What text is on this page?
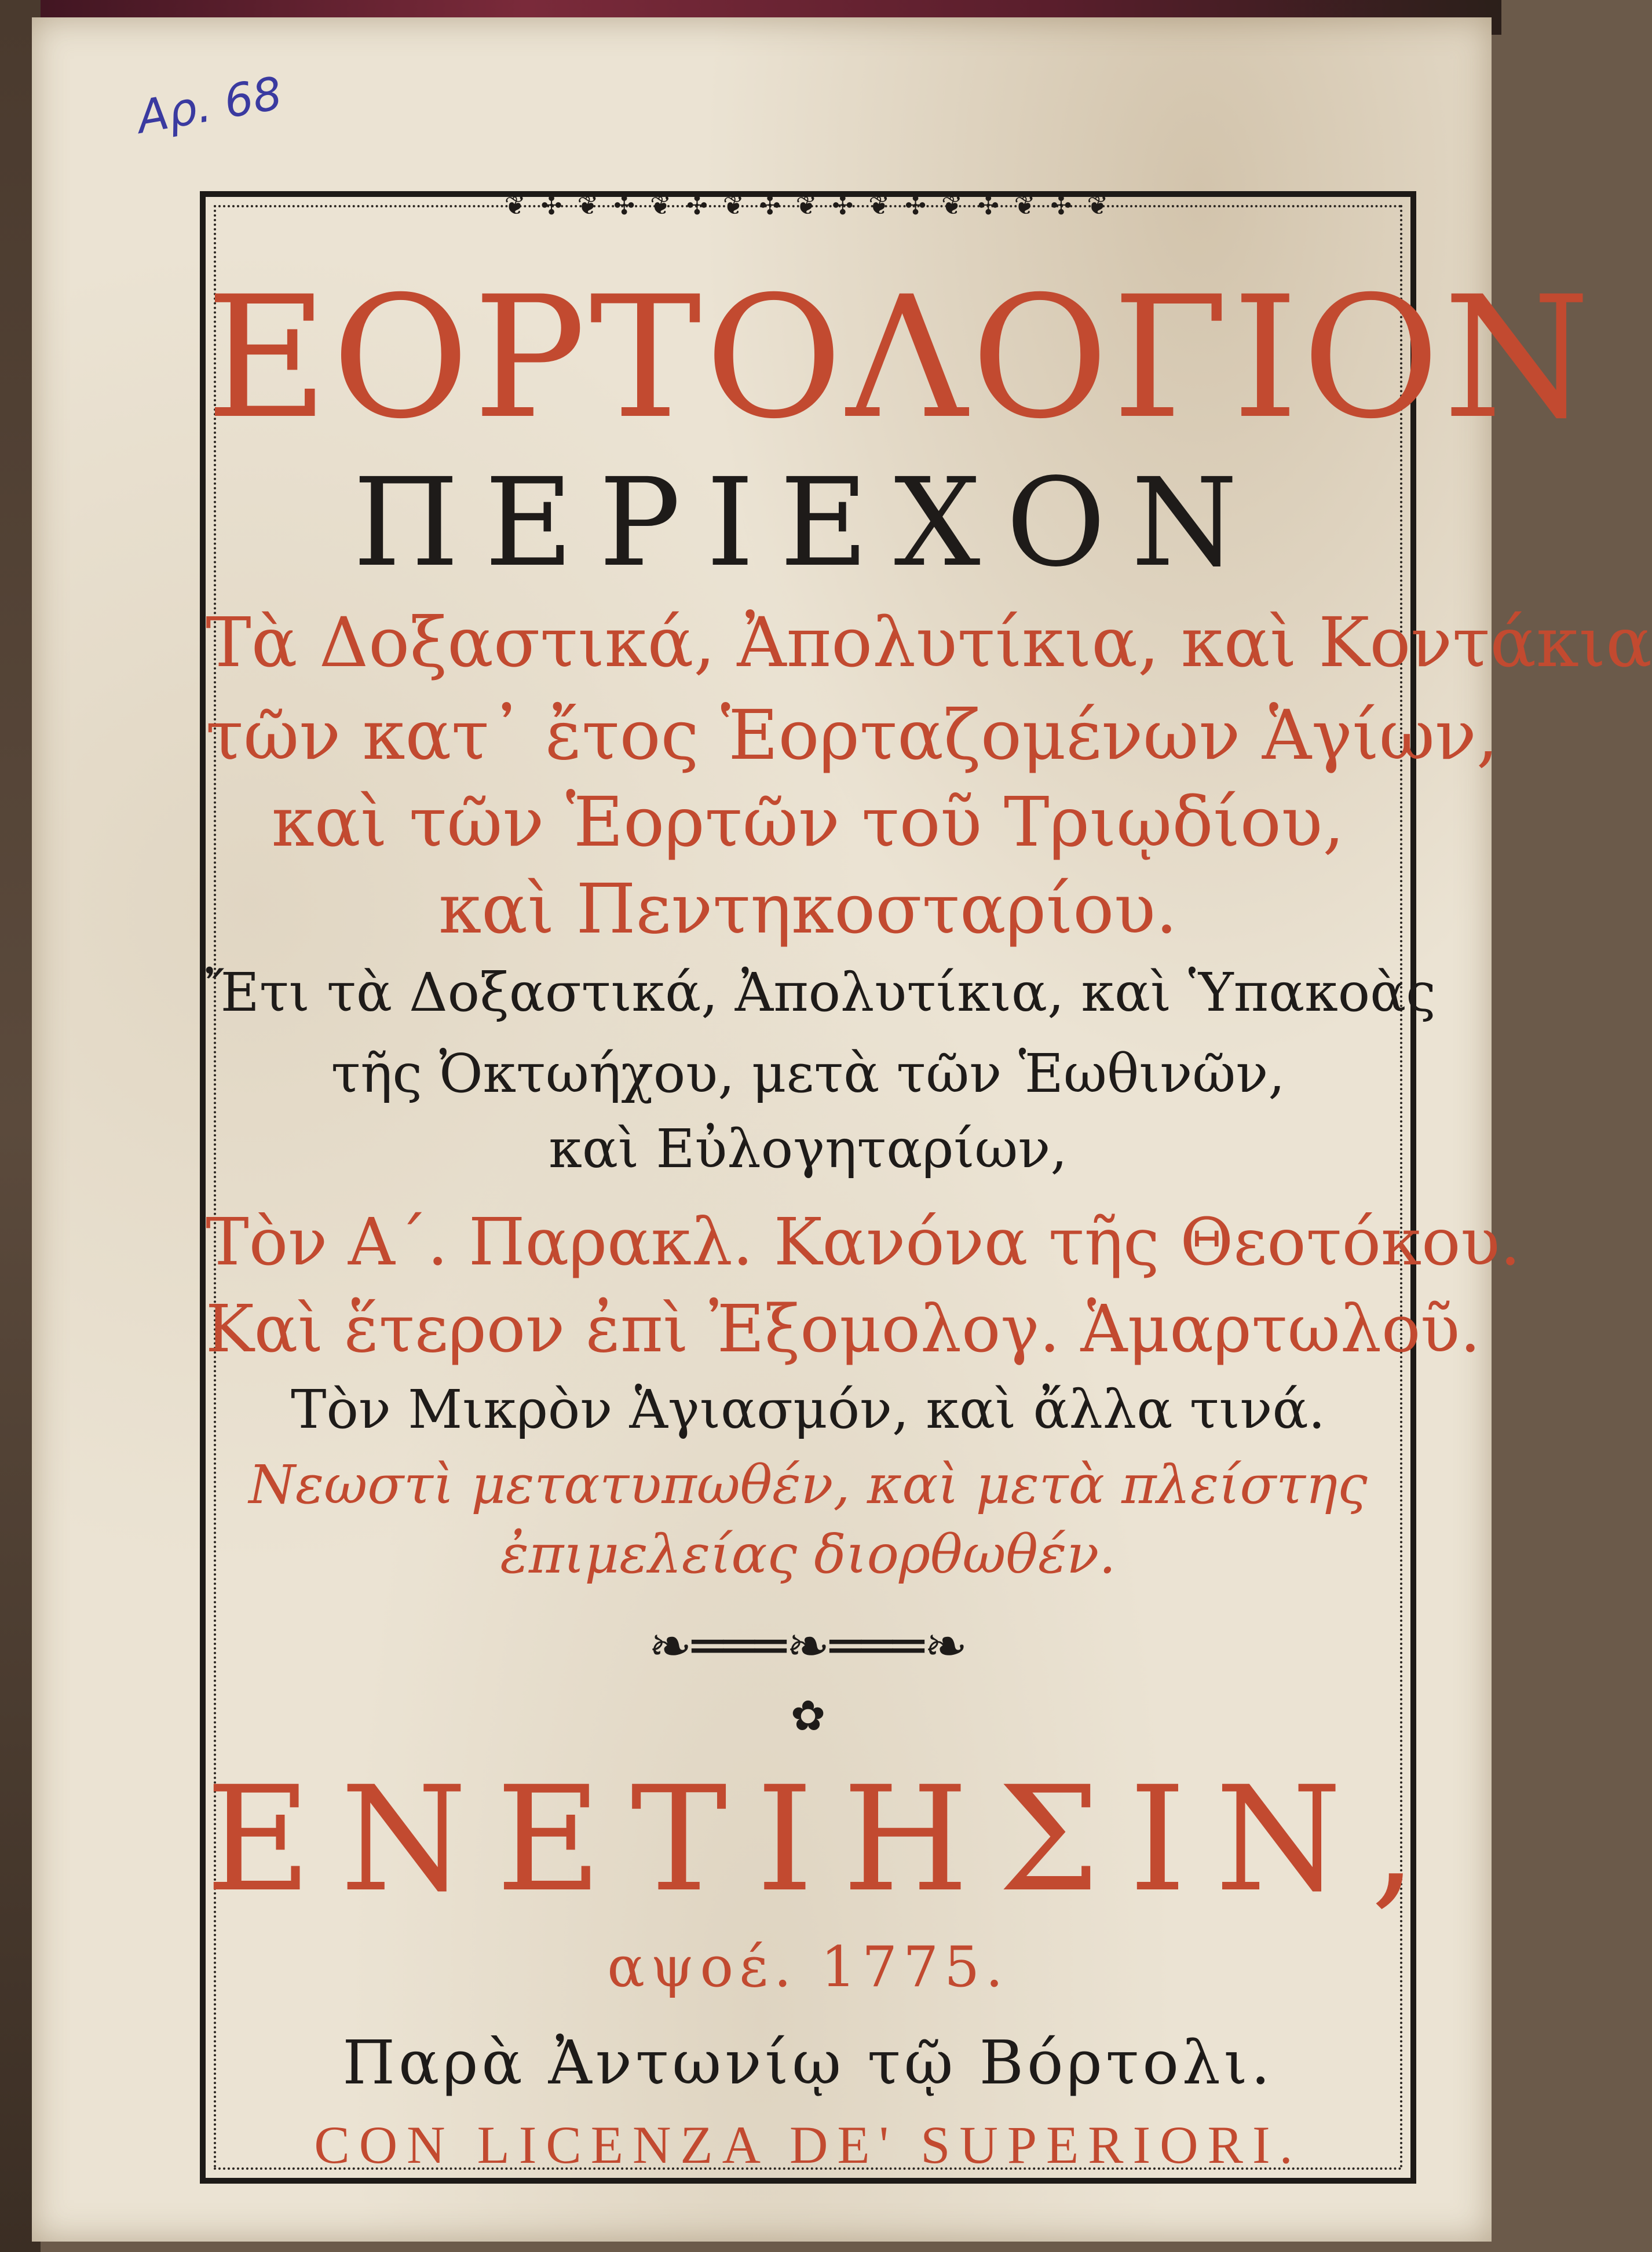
Αρ. 68
❦ ✣ ❦ ✣ ❦ ✣ ❦ ✣ ❦ ✣ ❦ ✣ ❦ ✣ ❦ ✣ ❦
ΕΟΡΤΟΛΟΓΙΟΝ
ΠΕΡΙΕΧΟΝ
Τὰ Δοξαστικά, Ἀπολυτίκια, καὶ Κοντάκια
τῶν κατ᾽ ἔτος Ἑορταζομένων Ἁγίων,
καὶ τῶν Ἑορτῶν τοῦ Τριῳδίου,
καὶ Πεντηκοσταρίου.
Ἔτι τὰ Δοξαστικά, Ἀπολυτίκια, καὶ Ὑπακοὰς
τῆς Ὀκτωήχου, μετὰ τῶν Ἑωθινῶν,
καὶ Εὐλογηταρίων,
Τὸν Α΄. Παρακλ. Κανόνα τῆς Θεοτόκου.
Καὶ ἕτερον ἐπὶ Ἐξομολογ. Ἁμαρτωλοῦ.
Τὸν Μικρὸν Ἁγιασμόν, καὶ ἄλλα τινά.
Νεωστὶ μετατυπωθέν, καὶ μετὰ πλείστης
ἐπιμελείας διορθωθέν.
❧═══❧═══❧
✿
ΕΝΕΤΙΗΣΙΝ,
αψοέ. 1775.
Παρὰ Ἀντωνίῳ τῷ Βόρτολι.
CON LICENZA DE' SUPERIORI.
